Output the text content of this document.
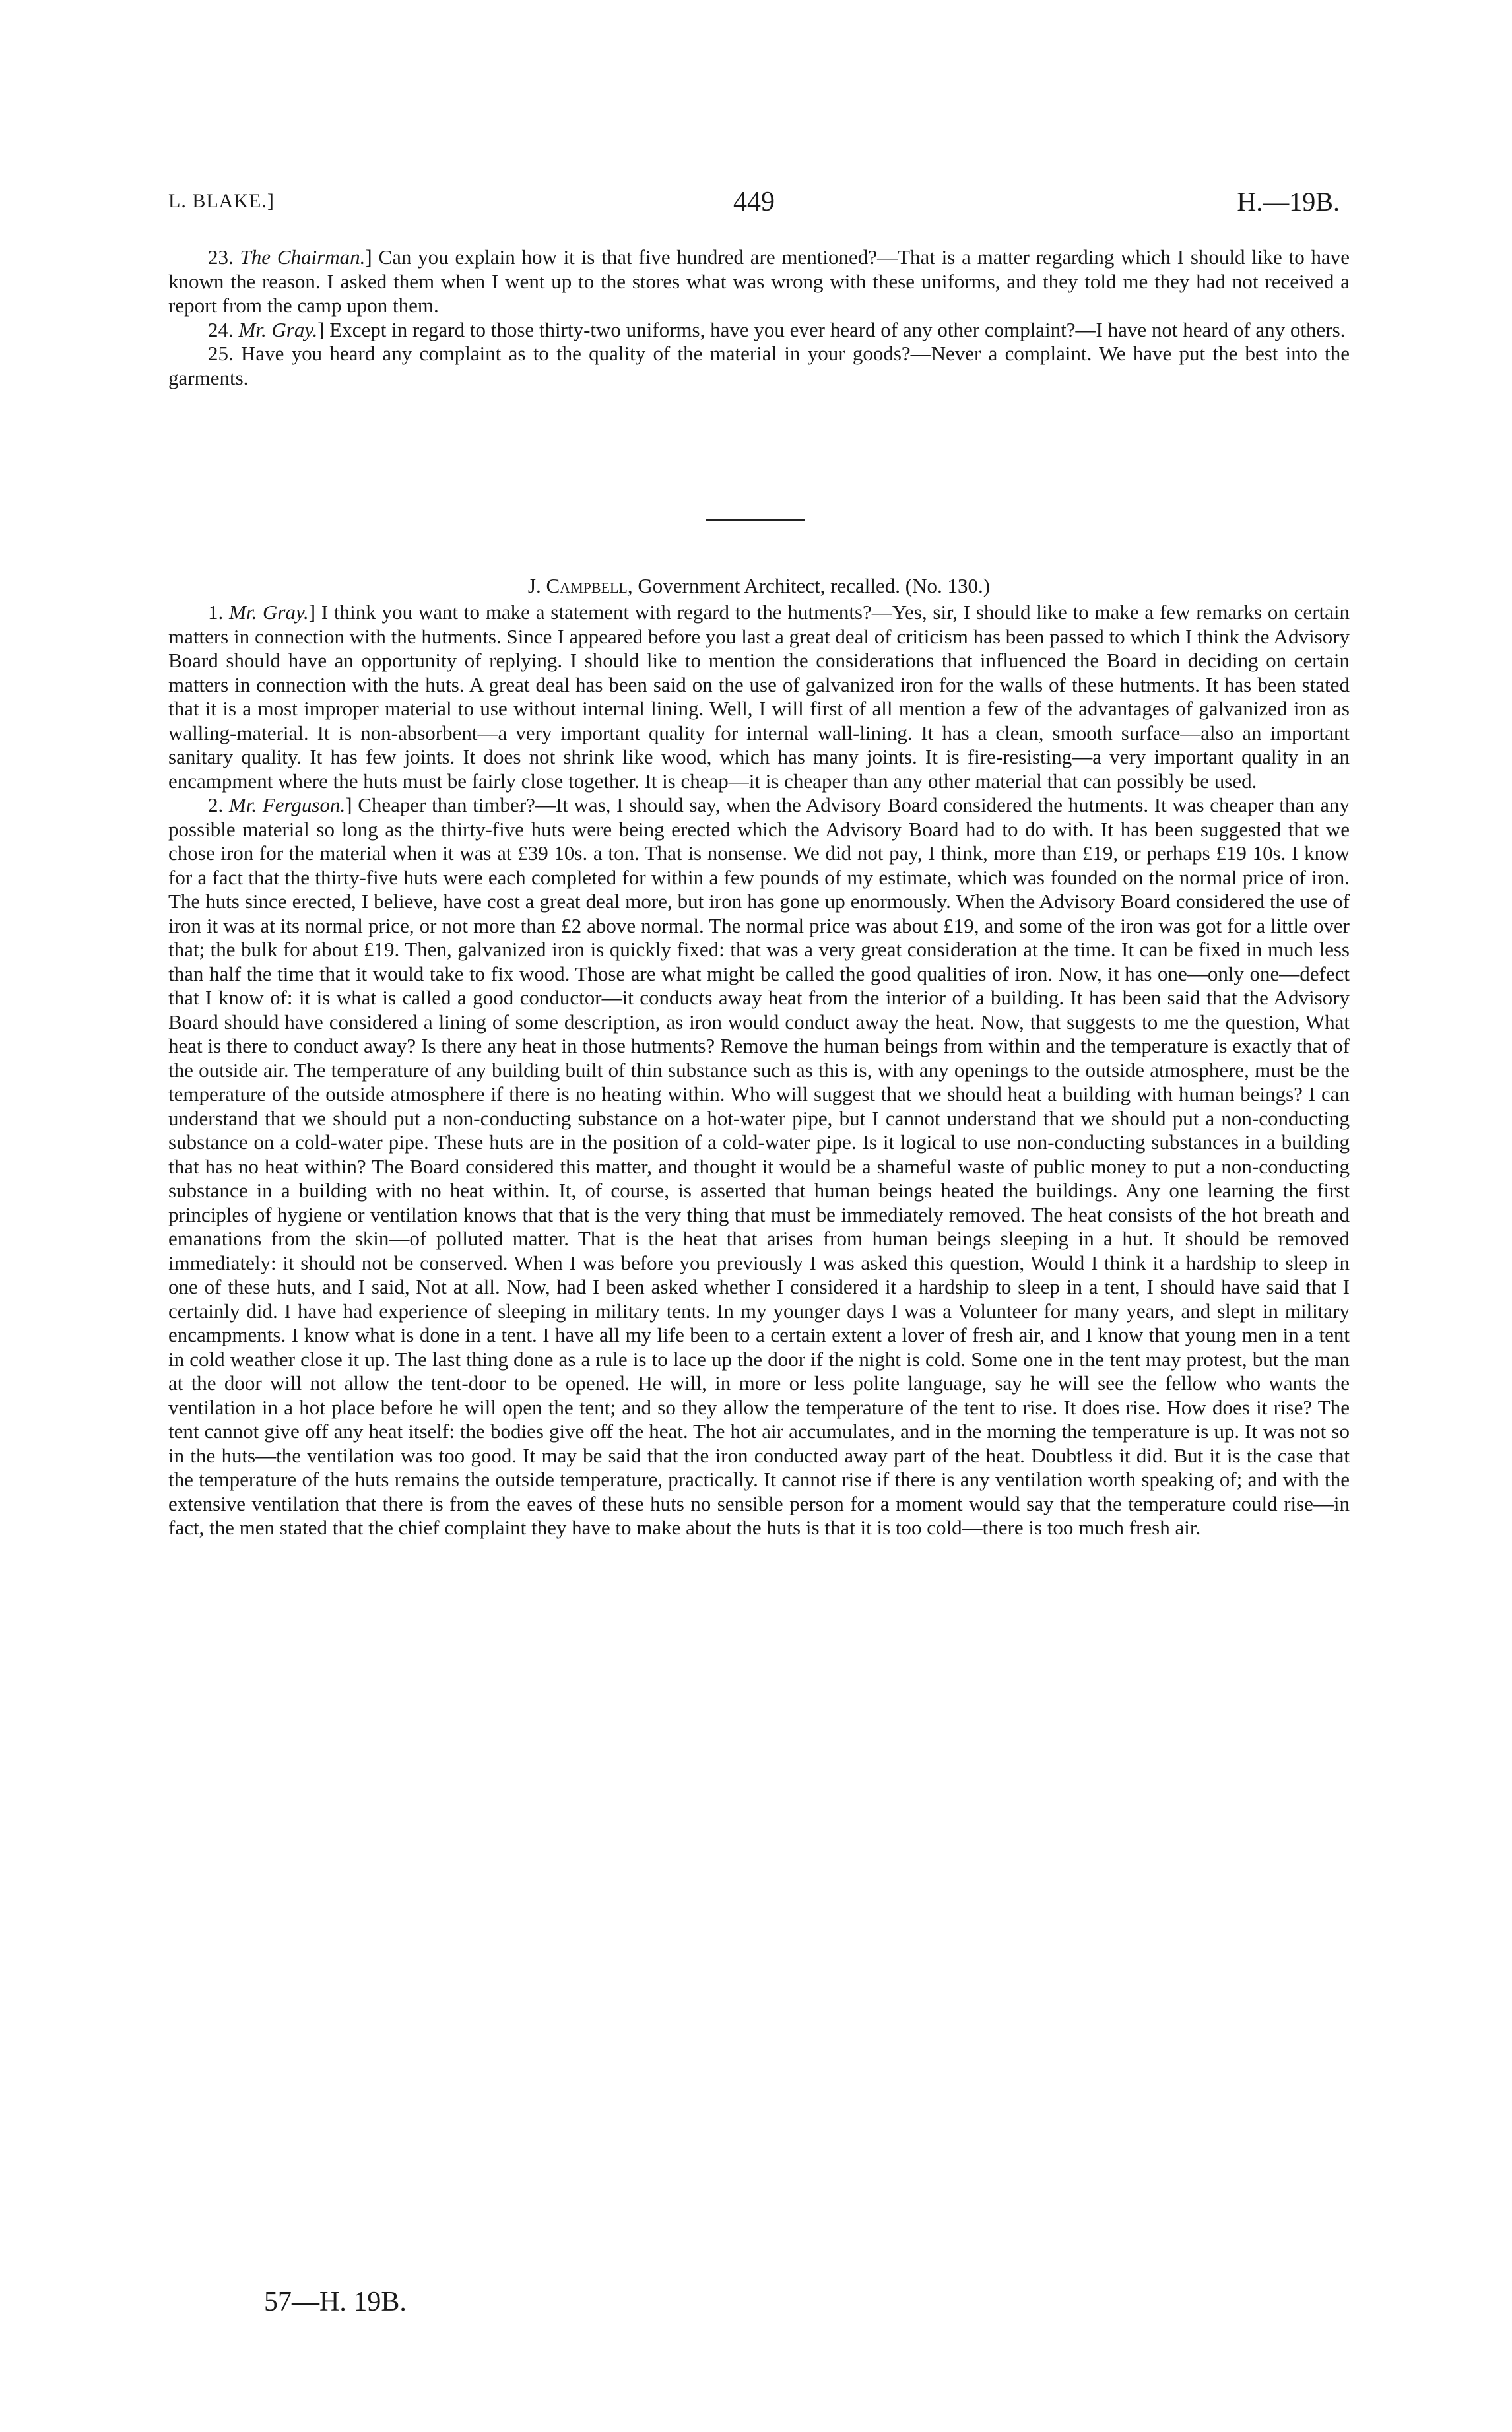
L. BLAKE.]	449	H.—19B.

23. The Chairman.] Can you explain how it is that five hundred are mentioned?—That is a matter regarding which I should like to have known the reason. I asked them when I went up to the stores what was wrong with these uniforms, and they told me they had not received a report from the camp upon them.

24. Mr. Gray.] Except in regard to those thirty-two uniforms, have you ever heard of any other complaint?—I have not heard of any others.

25. Have you heard any complaint as to the quality of the material in your goods?—Never a complaint. We have put the best into the garments.

J. Campbell, Government Architect, recalled. (No. 130.)

1. Mr. Gray.] I think you want to make a statement with regard to the hutments?—Yes, sir, I should like to make a few remarks on certain matters in connection with the hutments. Since I appeared before you last a great deal of criticism has been passed to which I think the Advisory Board should have an opportunity of replying. I should like to mention the considerations that influenced the Board in deciding on certain matters in connection with the huts. A great deal has been said on the use of galvanized iron for the walls of these hutments. It has been stated that it is a most improper material to use without internal lining. Well, I will first of all mention a few of the advantages of galvanized iron as walling-material. It is non-absorbent—a very important quality for internal wall-lining. It has a clean, smooth surface—also an important sanitary quality. It has few joints. It does not shrink like wood, which has many joints. It is fire-resisting—a very important quality in an encampment where the huts must be fairly close together. It is cheap—it is cheaper than any other material that can possibly be used.

2. Mr. Ferguson.] Cheaper than timber?—It was, I should say, when the Advisory Board considered the hutments. It was cheaper than any possible material so long as the thirty-five huts were being erected which the Advisory Board had to do with. It has been suggested that we chose iron for the material when it was at £39 10s. a ton. That is nonsense. We did not pay, I think, more than £19, or perhaps £19 10s. I know for a fact that the thirty-five huts were each completed for within a few pounds of my estimate, which was founded on the normal price of iron. The huts since erected, I believe, have cost a great deal more, but iron has gone up enormously. When the Advisory Board considered the use of iron it was at its normal price, or not more than £2 above normal. The normal price was about £19, and some of the iron was got for a little over that; the bulk for about £19. Then, galvanized iron is quickly fixed: that was a very great consideration at the time. It can be fixed in much less than half the time that it would take to fix wood. Those are what might be called the good qualities of iron. Now, it has one—only one—defect that I know of: it is what is called a good conductor—it conducts away heat from the interior of a building. It has been said that the Advisory Board should have considered a lining of some description, as iron would conduct away the heat. Now, that suggests to me the question, What heat is there to conduct away? Is there any heat in those hutments? Remove the human beings from within and the temperature is exactly that of the outside air. The temperature of any building built of thin substance such as this is, with any openings to the outside atmosphere, must be the temperature of the outside atmosphere if there is no heating within. Who will suggest that we should heat a building with human beings? I can understand that we should put a non-conducting substance on a hot-water pipe, but I cannot understand that we should put a non-conducting substance on a cold-water pipe. These huts are in the position of a cold-water pipe. Is it logical to use non-conducting substances in a building that has no heat within? The Board considered this matter, and thought it would be a shameful waste of public money to put a non-conducting substance in a building with no heat within. It, of course, is asserted that human beings heated the buildings. Any one learning the first principles of hygiene or ventilation knows that that is the very thing that must be immediately removed. The heat consists of the hot breath and emanations from the skin—of polluted matter. That is the heat that arises from human beings sleeping in a hut. It should be removed immediately: it should not be conserved. When I was before you previously I was asked this question, Would I think it a hardship to sleep in one of these huts, and I said, Not at all. Now, had I been asked whether I considered it a hardship to sleep in a tent, I should have said that I certainly did. I have had experience of sleeping in military tents. In my younger days I was a Volunteer for many years, and slept in military encampments. I know what is done in a tent. I have all my life been to a certain extent a lover of fresh air, and I know that young men in a tent in cold weather close it up. The last thing done as a rule is to lace up the door if the night is cold. Some one in the tent may protest, but the man at the door will not allow the tent-door to be opened. He will, in more or less polite language, say he will see the fellow who wants the ventilation in a hot place before he will open the tent; and so they allow the temperature of the tent to rise. It does rise. How does it rise? The tent cannot give off any heat itself: the bodies give off the heat. The hot air accumulates, and in the morning the temperature is up. It was not so in the huts—the ventilation was too good. It may be said that the iron conducted away part of the heat. Doubtless it did. But it is the case that the temperature of the huts remains the outside temperature, practically. It cannot rise if there is any ventilation worth speaking of; and with the extensive ventilation that there is from the eaves of these huts no sensible person for a moment would say that the temperature could rise—in fact, the men stated that the chief complaint they have to make about the huts is that it is too cold—there is too much fresh air.

57—H. 19B.
